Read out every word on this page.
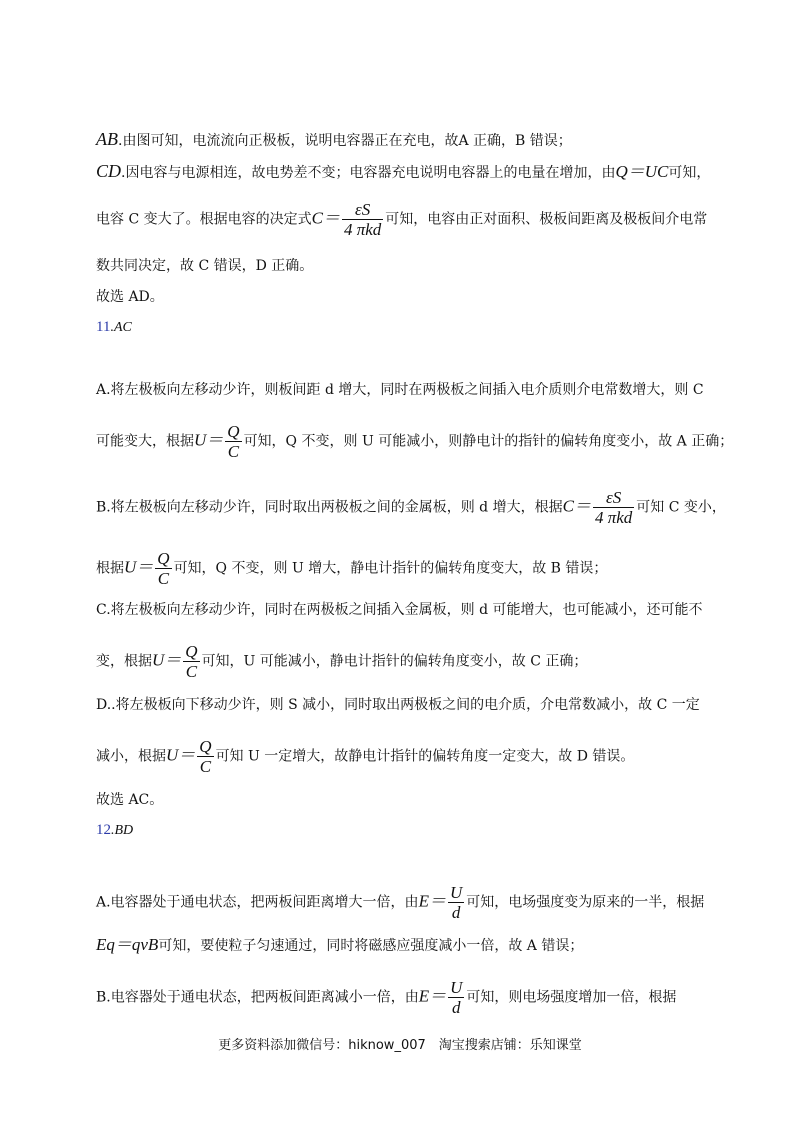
AB.由图可知，电流流向正极板，说明电容器正在充电，故A 正确，B 错误；
CD.因电容与电源相连，故电势差不变；电容器充电说明电容器上的电量在增加，由Q＝UC可知，
电容 C 变大了。根据电容的决定式$C= \frac{\varepsilon S}{\text{4 πkd}}$ 可知，电容由正对面积、极板间距离及极板间介电常
数共同决定，故 C 错误，D 正确。
故选 AD。
11.AC
A.将左极板向左移动少许，则板间距 d 增大，同时在两极板之间插入电介质则介电常数增大，则 C
可能变大，根据$U= \frac{Q}{C}$ 可知，Q 不变，则 U 可能减小，则静电计的指针的偏转角度变小，故 A 正确；
B.将左极板向左移动少许，同时取出两极板之间的金属板，则 d 增大，根据$C= \frac{\varepsilon S}{\text{4 πkd}}$ 可知 C 变小，
根据$U= \frac{Q}{C}$ 可知，Q 不变，则 U 增大，静电计指针的偏转角度变大，故 B 错误；
C.将左极板向左移动少许，同时在两极板之间插入金属板，则 d 可能增大，也可能减小，还可能不
变，根据$U= \frac{Q}{C}$ 可知，U 可能减小，静电计指针的偏转角度变小，故 C 正确；
D..将左极板向下移动少许，则 S 减小，同时取出两极板之间的电介质，介电常数减小，故 C 一定
减小，根据$U= \frac{Q}{C}$ 可知 U 一定增大，故静电计指针的偏转角度一定变大，故 D 错误。
故选 AC。
12.BD
A.电容器处于通电状态，把两板间距离增大一倍，由$E= \frac{U}{d}$ 可知，电场强度变为原来的一半，根据
Eq＝qvB可知，要使粒子匀速通过，同时将磁感应强度减小一倍，故 A 错误；
B.电容器处于通电状态，把两板间距离减小一倍，由$E= \frac{U}{d}$ 可知，则电场强度增加一倍，根据
更多资料添加微信号：hiknow_007　淘宝搜索店铺：乐知课堂
